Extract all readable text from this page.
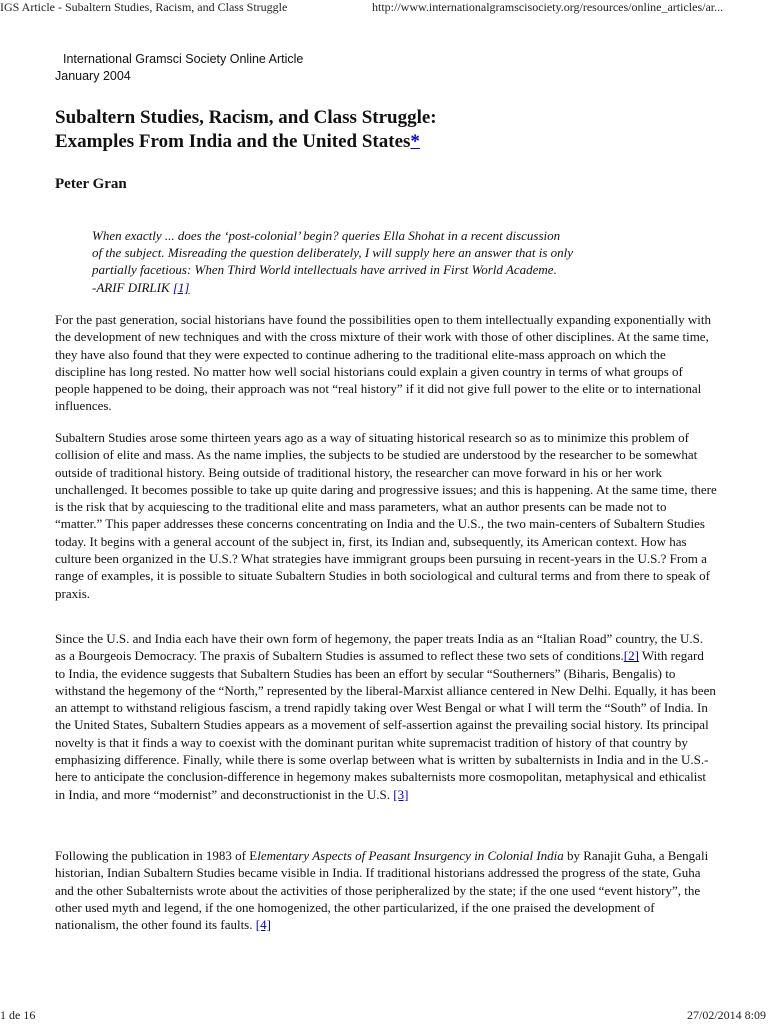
IGS Article - Subaltern Studies, Racism, and Class Struggle	http://www.internationalgramscisociety.org/resources/online_articles/ar...
International Gramsci Society Online Article
January 2004
Subaltern Studies, Racism, and Class Struggle:
Examples From India and the United States*
Peter Gran
When exactly ... does the ‘post-colonial’ begin? queries Ella Shohat in a recent discussion
of the subject. Misreading the question deliberately, I will supply here an answer that is only
partially facetious: When Third World intellectuals have arrived in First World Academe.
-ARIF DIRLIK [1]

For the past generation, social historians have found the possibilities open to them intellectually expanding exponentially with the development of new techniques and with the cross mixture of their work with those of other disciplines. At the same time, they have also found that they were expected to continue adhering to the traditional elite-mass approach on which the discipline has long rested. No matter how well social historians could explain a given country in terms of what groups of people happened to be doing, their approach was not “real history” if it did not give full power to the elite or to international influences.

Subaltern Studies arose some thirteen years ago as a way of situating historical research so as to minimize this problem of collision of elite and mass. As the name implies, the subjects to be studied are understood by the researcher to be somewhat outside of traditional history. Being outside of traditional history, the researcher can move forward in his or her work unchallenged. It becomes possible to take up quite daring and progressive issues; and this is happening. At the same time, there is the risk that by acquiescing to the traditional elite and mass parameters, what an author presents can be made not to “matter.” This paper addresses these concerns concentrating on India and the U.S., the two main-centers of Subaltern Studies today. It begins with a general account of the subject in, first, its Indian and, subsequently, its American context. How has culture been organized in the U.S.? What strategies have immigrant groups been pursuing in recent-years in the U.S.? From a range of examples, it is possible to situate Subaltern Studies in both sociological and cultural terms and from there to speak of praxis.

Since the U.S. and India each have their own form of hegemony, the paper treats India as an “Italian Road” country, the U.S. as a Bourgeois Democracy. The praxis of Subaltern Studies is assumed to reflect these two sets of conditions.[2] With regard to India, the evidence suggests that Subaltern Studies has been an effort by secular “Southerners” (Biharis, Bengalis) to withstand the hegemony of the “North,” represented by the liberal-Marxist alliance centered in New Delhi. Equally, it has been an attempt to withstand religious fascism, a trend rapidly taking over West Bengal or what I will term the “South” of India. In the United States, Subaltern Studies appears as a movement of self-assertion against the prevailing social history. Its principal novelty is that it finds a way to coexist with the dominant puritan white supremacist tradition of history of that country by emphasizing difference. Finally, while there is some overlap between what is written by subalternists in India and in the U.S.-here to anticipate the conclusion-difference in hegemony makes subalternists more cosmopolitan, metaphysical and ethicalist in India, and more “modernist” and deconstructionist in the U.S. [3]

Following the publication in 1983 of Elementary Aspects of Peasant Insurgency in Colonial India by Ranajit Guha, a Bengali historian, Indian Subaltern Studies became visible in India. If traditional historians addressed the progress of the state, Guha and the other Subalternists wrote about the activities of those peripheralized by the state; if the one used “event history”, the other used myth and legend, if the one homogenized, the other particularized, if the one praised the development of nationalism, the other found its faults. [4]

1 de 16	27/02/2014 8:09
